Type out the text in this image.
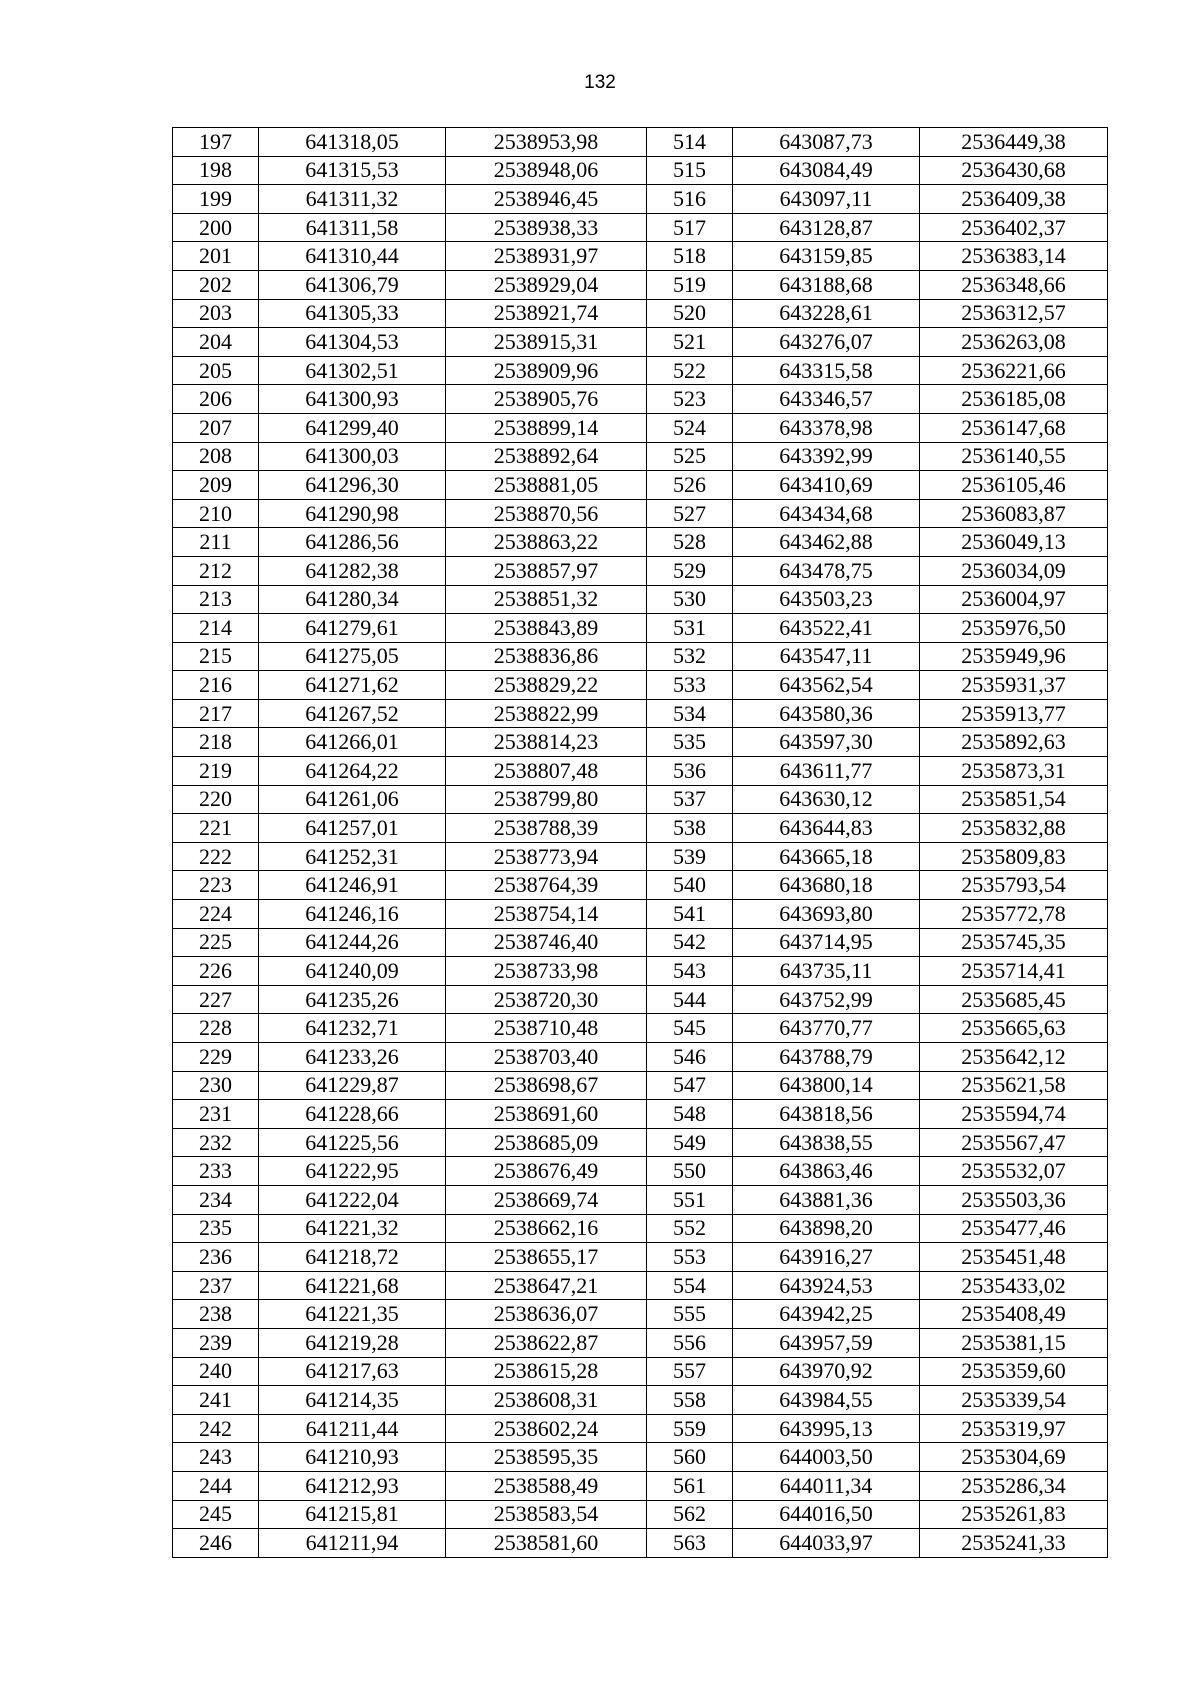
132
197	641318,05	2538953,98	514	643087,73	2536449,38
198	641315,53	2538948,06	515	643084,49	2536430,68
199	641311,32	2538946,45	516	643097,11	2536409,38
200	641311,58	2538938,33	517	643128,87	2536402,37
201	641310,44	2538931,97	518	643159,85	2536383,14
202	641306,79	2538929,04	519	643188,68	2536348,66
203	641305,33	2538921,74	520	643228,61	2536312,57
204	641304,53	2538915,31	521	643276,07	2536263,08
205	641302,51	2538909,96	522	643315,58	2536221,66
206	641300,93	2538905,76	523	643346,57	2536185,08
207	641299,40	2538899,14	524	643378,98	2536147,68
208	641300,03	2538892,64	525	643392,99	2536140,55
209	641296,30	2538881,05	526	643410,69	2536105,46
210	641290,98	2538870,56	527	643434,68	2536083,87
211	641286,56	2538863,22	528	643462,88	2536049,13
212	641282,38	2538857,97	529	643478,75	2536034,09
213	641280,34	2538851,32	530	643503,23	2536004,97
214	641279,61	2538843,89	531	643522,41	2535976,50
215	641275,05	2538836,86	532	643547,11	2535949,96
216	641271,62	2538829,22	533	643562,54	2535931,37
217	641267,52	2538822,99	534	643580,36	2535913,77
218	641266,01	2538814,23	535	643597,30	2535892,63
219	641264,22	2538807,48	536	643611,77	2535873,31
220	641261,06	2538799,80	537	643630,12	2535851,54
221	641257,01	2538788,39	538	643644,83	2535832,88
222	641252,31	2538773,94	539	643665,18	2535809,83
223	641246,91	2538764,39	540	643680,18	2535793,54
224	641246,16	2538754,14	541	643693,80	2535772,78
225	641244,26	2538746,40	542	643714,95	2535745,35
226	641240,09	2538733,98	543	643735,11	2535714,41
227	641235,26	2538720,30	544	643752,99	2535685,45
228	641232,71	2538710,48	545	643770,77	2535665,63
229	641233,26	2538703,40	546	643788,79	2535642,12
230	641229,87	2538698,67	547	643800,14	2535621,58
231	641228,66	2538691,60	548	643818,56	2535594,74
232	641225,56	2538685,09	549	643838,55	2535567,47
233	641222,95	2538676,49	550	643863,46	2535532,07
234	641222,04	2538669,74	551	643881,36	2535503,36
235	641221,32	2538662,16	552	643898,20	2535477,46
236	641218,72	2538655,17	553	643916,27	2535451,48
237	641221,68	2538647,21	554	643924,53	2535433,02
238	641221,35	2538636,07	555	643942,25	2535408,49
239	641219,28	2538622,87	556	643957,59	2535381,15
240	641217,63	2538615,28	557	643970,92	2535359,60
241	641214,35	2538608,31	558	643984,55	2535339,54
242	641211,44	2538602,24	559	643995,13	2535319,97
243	641210,93	2538595,35	560	644003,50	2535304,69
244	641212,93	2538588,49	561	644011,34	2535286,34
245	641215,81	2538583,54	562	644016,50	2535261,83
246	641211,94	2538581,60	563	644033,97	2535241,33
